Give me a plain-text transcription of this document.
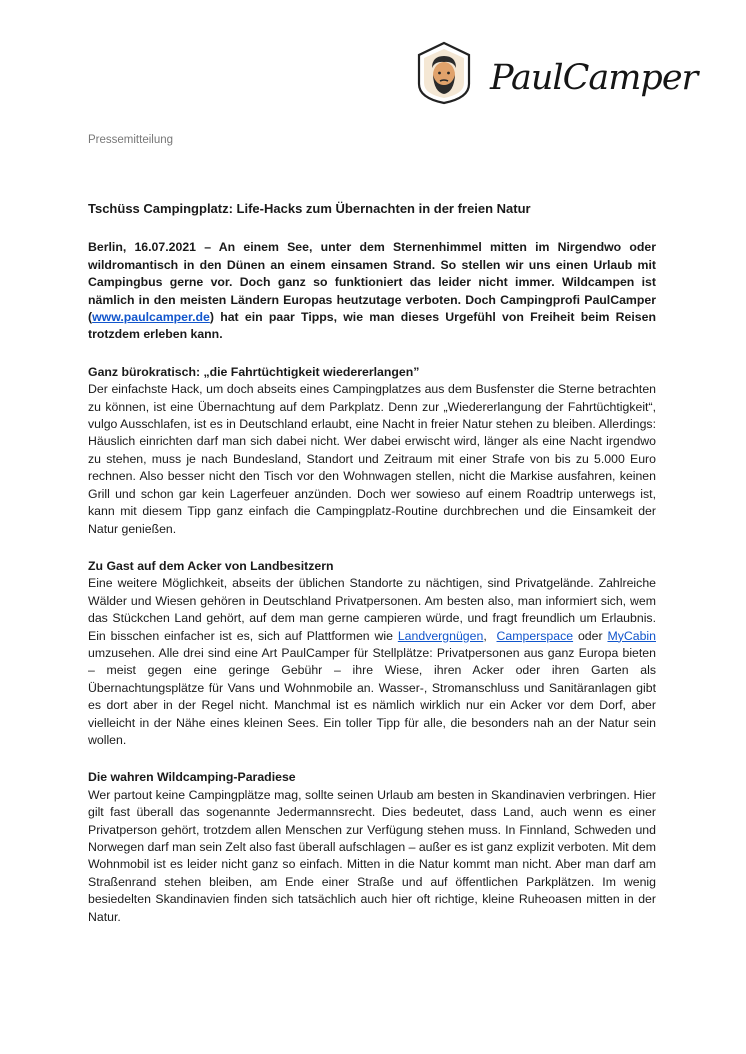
PaulCamper

Pressemitteilung

Tschüss Campingplatz: Life-Hacks zum Übernachten in der freien Natur

Berlin, 16.07.2021 – An einem See, unter dem Sternenhimmel mitten im Nirgendwo oder wildromantisch in den Dünen an einem einsamen Strand. So stellen wir uns einen Urlaub mit Campingbus gerne vor. Doch ganz so funktioniert das leider nicht immer. Wildcampen ist nämlich in den meisten Ländern Europas heutzutage verboten. Doch Campingprofi PaulCamper (www.paulcamper.de) hat ein paar Tipps, wie man dieses Urgefühl von Freiheit beim Reisen trotzdem erleben kann.

Ganz bürokratisch: „die Fahrtüchtigkeit wiedererlangen”

Der einfachste Hack, um doch abseits eines Campingplatzes aus dem Busfenster die Sterne betrachten zu können, ist eine Übernachtung auf dem Parkplatz. Denn zur „Wiedererlangung der Fahrtüchtigkeit“, vulgo Ausschlafen, ist es in Deutschland erlaubt, eine Nacht in freier Natur stehen zu bleiben. Allerdings: Häuslich einrichten darf man sich dabei nicht. Wer dabei erwischt wird, länger als eine Nacht irgendwo zu stehen, muss je nach Bundesland, Standort und Zeitraum mit einer Strafe von bis zu 5.000 Euro rechnen. Also besser nicht den Tisch vor den Wohnwagen stellen, nicht die Markise ausfahren, keinen Grill und schon gar kein Lagerfeuer anzünden. Doch wer sowieso auf einem Roadtrip unterwegs ist, kann mit diesem Tipp ganz einfach die Campingplatz-Routine durchbrechen und die Einsamkeit der Natur genießen.

Zu Gast auf dem Acker von Landbesitzern

Eine weitere Möglichkeit, abseits der üblichen Standorte zu nächtigen, sind Privatgelände. Zahlreiche Wälder und Wiesen gehören in Deutschland Privatpersonen. Am besten also, man informiert sich, wem das Stückchen Land gehört, auf dem man gerne campieren würde, und fragt freundlich um Erlaubnis. Ein bisschen einfacher ist es, sich auf Plattformen wie Landvergnügen,  Camperspace oder MyCabin umzusehen. Alle drei sind eine Art PaulCamper für Stellplätze: Privatpersonen aus ganz Europa bieten – meist gegen eine geringe Gebühr – ihre Wiese, ihren Acker oder ihren Garten als Übernachtungsplätze für Vans und Wohnmobile an. Wasser-, Stromanschluss und Sanitäranlagen gibt es dort aber in der Regel nicht. Manchmal ist es nämlich wirklich nur ein Acker vor dem Dorf, aber vielleicht in der Nähe eines kleinen Sees. Ein toller Tipp für alle, die besonders nah an der Natur sein wollen.

Die wahren Wildcamping-Paradiese

Wer partout keine Campingplätze mag, sollte seinen Urlaub am besten in Skandinavien verbringen. Hier gilt fast überall das sogenannte Jedermannsrecht. Dies bedeutet, dass Land, auch wenn es einer Privatperson gehört, trotzdem allen Menschen zur Verfügung stehen muss. In Finnland, Schweden und Norwegen darf man sein Zelt also fast überall aufschlagen – außer es ist ganz explizit verboten. Mit dem Wohnmobil ist es leider nicht ganz so einfach. Mitten in die Natur kommt man nicht. Aber man darf am Straßenrand stehen bleiben, am Ende einer Straße und auf öffentlichen Parkplätzen. Im wenig besiedelten Skandinavien finden sich tatsächlich auch hier oft richtige, kleine Ruheoasen mitten in der Natur.
